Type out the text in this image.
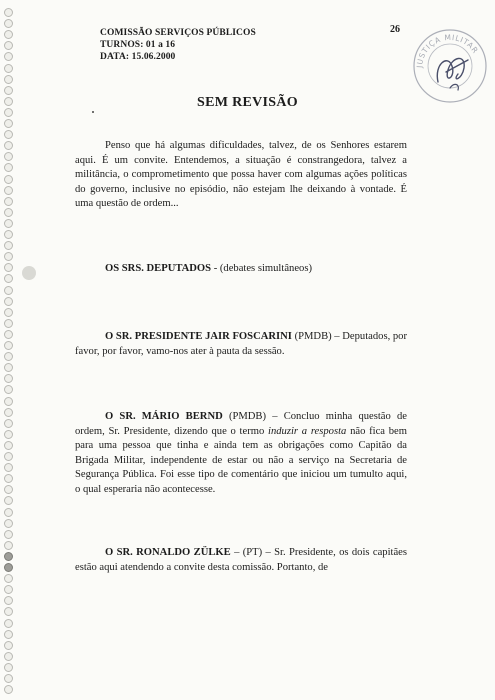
COMISSÃO SERVIÇOS PÚBLICOS
TURNOS: 01 a 16
DATA: 15.06.2000
26
JUSTIÇA MILITAR
SEM REVISÃO
Penso que há algumas dificuldades, talvez, de os Senhores estarem aqui. É um convite. Entendemos, a situação é constrangedora, talvez a militância, o comprometimento que possa haver com algumas ações políticas do governo, inclusive no episódio, não estejam lhe deixando à vontade. É uma questão de ordem...
OS SRS. DEPUTADOS - (debates simultâneos)
O SR. PRESIDENTE JAIR FOSCARINI (PMDB) – Deputados, por favor, por favor, vamo-nos ater à pauta da sessão.
O SR. MÁRIO BERND (PMDB) – Concluo minha questão de ordem, Sr. Presidente, dizendo que o termo induzir a resposta não fica bem para uma pessoa que tinha e ainda tem as obrigações como Capitão da Brigada Militar, independente de estar ou não a serviço na Secretaria de Segurança Pública. Foi esse tipo de comentário que iniciou um tumulto aqui, o qual esperaria não acontecesse.
O SR. RONALDO ZÜLKE – (PT) – Sr. Presidente, os dois capitães estão aqui atendendo a convite desta comissão. Portanto, de
